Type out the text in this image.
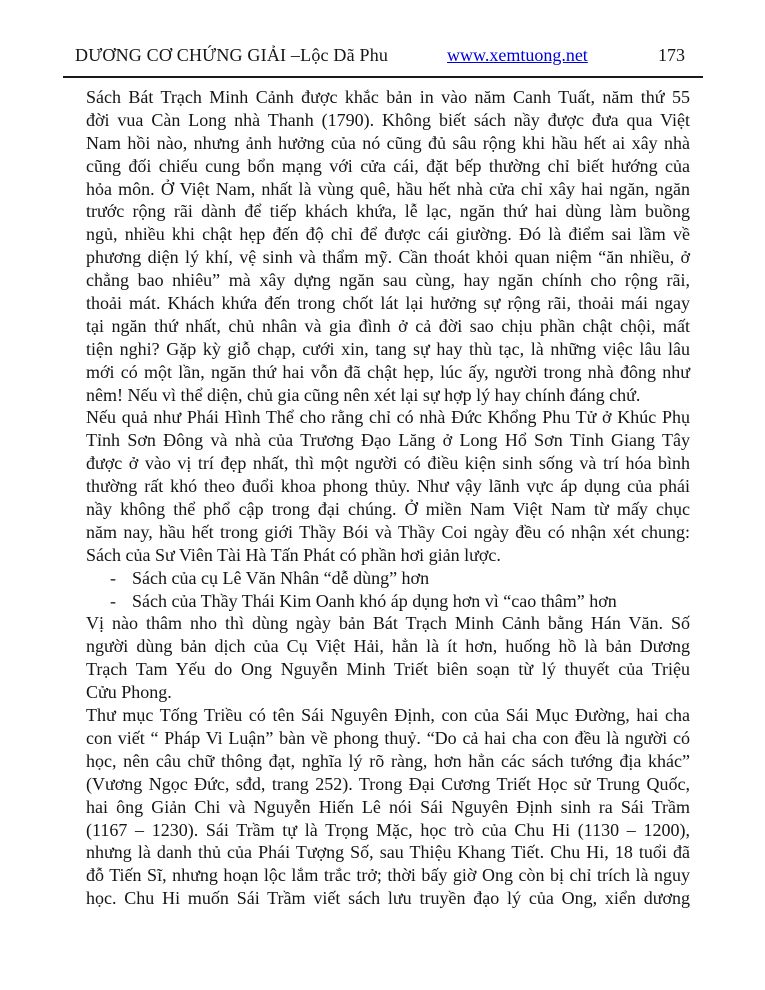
DƯƠNG CƠ CHỨNG GIẢI –Lộc Dã Phu	www.xemtuong.net	173
Sách Bát Trạch Minh Cảnh được khắc bản in vào năm Canh Tuất, năm thứ 55
đời vua Càn Long nhà Thanh (1790). Không biết sách nầy được đưa qua Việt
Nam hồi nào, nhưng ảnh hưởng của nó cũng đủ sâu rộng khi hầu hết ai xây nhà
cũng đối chiếu cung bổn mạng với cửa cái, đặt bếp thường chỉ biết hướng của
hỏa môn. Ở Việt Nam, nhất là vùng quê, hầu hết nhà cửa chỉ xây hai ngăn, ngăn
trước rộng rãi dành để tiếp khách khứa, lễ lạc, ngăn thứ hai dùng làm buồng
ngủ, nhiều khi chật hẹp đến độ chỉ để được cái giường. Đó là điểm sai lầm về
phương diện lý khí, vệ sinh và thẩm mỹ. Cần thoát khỏi quan niệm “ăn nhiều, ở
chẳng bao nhiêu” mà xây dựng ngăn sau cùng, hay ngăn chính cho rộng rãi,
thoải mát. Khách khứa đến trong chốt lát lại hưởng sự rộng rãi, thoải mái ngay
tại ngăn thứ nhất, chủ nhân và gia đình ở cả đời sao chịu phần chật chội, mất
tiện nghi? Gặp kỳ giỗ chạp, cưới xin, tang sự hay thù tạc, là những việc lâu lâu
mới có một lần, ngăn thứ hai vỗn đã chật hẹp, lúc ấy, người trong nhà đông như
nêm! Nếu vì thể diện, chủ gia cũng nên xét lại sự hợp lý hay chính đáng chứ.
Nếu quả như Phái Hình Thể cho rằng chỉ có nhà Đức Khổng Phu Tử ở Khúc Phụ
Tỉnh Sơn Đông và nhà của Trương Đạo Lăng ở Long Hổ Sơn Tỉnh Giang Tây
được ở vào vị trí đẹp nhất, thì một người có điều kiện sinh sống và trí hóa bình
thường rất khó theo đuổi khoa phong thủy. Như vậy lãnh vực áp dụng của phái
nầy không thể phổ cập trong đại chúng. Ở miền Nam Việt Nam từ mấy chục
năm nay, hầu hết trong giới Thầy Bói và Thầy Coi ngày đều có nhận xét chung:
Sách của Sư Viên Tài Hà Tấn Phát có phần hơi giản lược.
- Sách của cụ Lê Văn Nhân “dễ dùng” hơn
- Sách của Thầy Thái Kim Oanh khó áp dụng hơn vì “cao thâm” hơn
Vị nào thâm nho thì dùng ngày bản Bát Trạch Minh Cảnh bằng Hán Văn. Số
người dùng bản dịch của Cụ Việt Hải, hẳn là ít hơn, huống hồ là bản Dương
Trạch Tam Yếu do Ong Nguyễn Minh Triết biên soạn từ lý thuyết của Triệu
Cửu Phong.
Thư mục Tống Triều có tên Sái Nguyên Định, con của Sái Mục Đường, hai cha
con viết “ Pháp Vi Luận” bàn về phong thuỷ. “Do cả hai cha con đều là người có
học, nên câu chữ thông đạt, nghĩa lý rõ ràng, hơn hẳn các sách tướng địa khác”
(Vương Ngọc Đức, sđd, trang 252). Trong Đại Cương Triết Học sử Trung Quốc,
hai ông Giản Chi và Nguyễn Hiến Lê nói Sái Nguyên Định sinh ra Sái Trầm
(1167 – 1230). Sái Trầm tự là Trọng Mặc, học trò của Chu Hi (1130 – 1200),
nhưng là danh thủ của Phái Tượng Số, sau Thiệu Khang Tiết. Chu Hi, 18 tuổi đã
đỗ Tiến Sĩ, nhưng hoạn lộc lắm trắc trở; thời bấy giờ Ong còn bị chỉ trích là nguy
học. Chu Hi muốn Sái Trầm viết sách lưu truyền đạo lý của Ong, xiển dương
